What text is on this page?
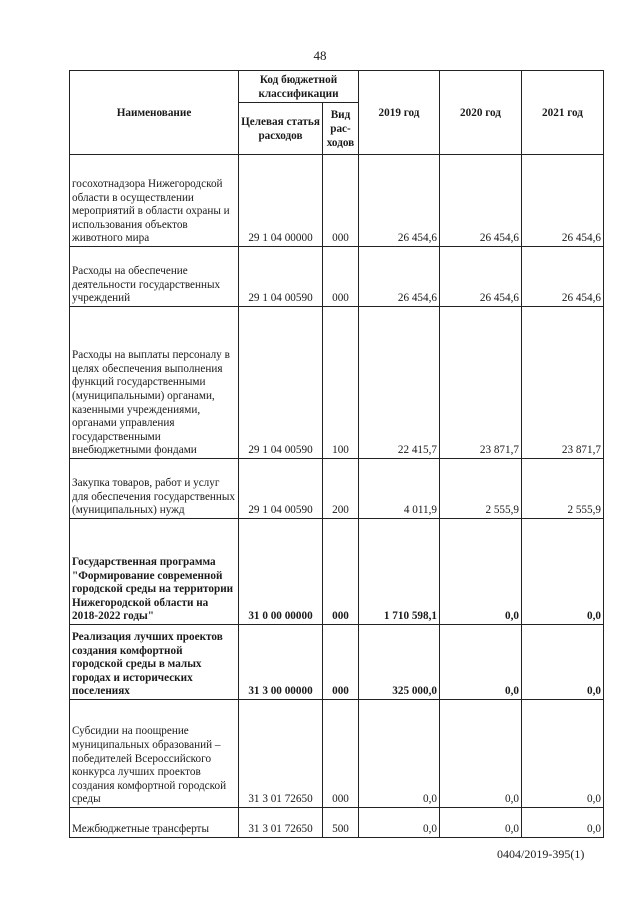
48
Наименование	Код бюджетной классификации		2019 год	2020 год	2021 год
	Целевая статья расходов	Вид рас-ходов			
госохотнадзора Нижегородской области в осуществлении мероприятий в области охраны и использования объектов животного мира	29 1 04 00000	000	26 454,6	26 454,6	26 454,6
Расходы на обеспечение деятельности государственных учреждений	29 1 04 00590	000	26 454,6	26 454,6	26 454,6
Расходы на выплаты персоналу в целях обеспечения выполнения функций государственными (муниципальными) органами, казенными учреждениями, органами управления государственными внебюджетными фондами	29 1 04 00590	100	22 415,7	23 871,7	23 871,7
Закупка товаров, работ и услуг для обеспечения государственных (муниципальных) нужд	29 1 04 00590	200	4 011,9	2 555,9	2 555,9
Государственная программа "Формирование современной городской среды на территории Нижегородской области на 2018-2022 годы"	31 0 00 00000	000	1 710 598,1	0,0	0,0
Реализация лучших проектов создания комфортной городской среды в малых городах и исторических поселениях	31 3 00 00000	000	325 000,0	0,0	0,0
Субсидии на поощрение муниципальных образований – победителей Всероссийского конкурса лучших проектов создания комфортной городской среды	31 3 01 72650	000	0,0	0,0	0,0
Межбюджетные трансферты	31 3 01 72650	500	0,0	0,0	0,0
0404/2019-395(1)
